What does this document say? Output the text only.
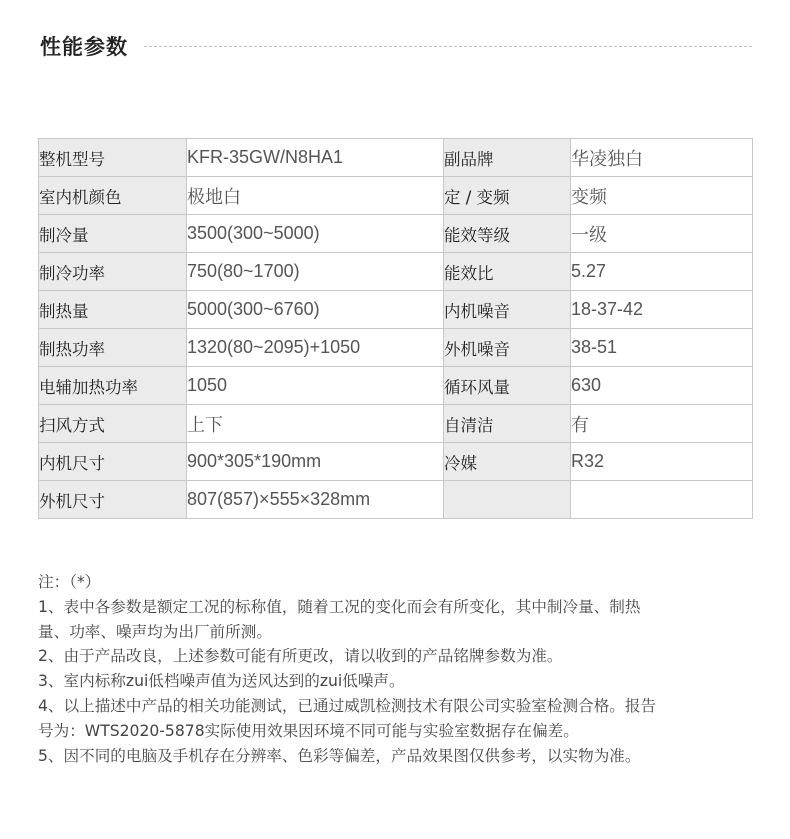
性能参数
整机型号	KFR-35GW/N8HA1	副品牌	华凌独白
室内机颜色	极地白	定 / 变频	变频
制冷量	3500(300~5000)	能效等级	一级
制冷功率	750(80~1700)	能效比	5.27
制热量	5000(300~6760)	内机噪音	18-37-42
制热功率	1320(80~2095)+1050	外机噪音	38-51
电辅加热功率	1050	循环风量	630
扫风方式	上下	自清洁	有
内机尺寸	900*305*190mm	冷媒	R32
外机尺寸	807(857)×555×328mm		

注：（*）

1、表中各参数是额定工况的标称值，随着工况的变化而会有所变化，其中制冷量、制热

量、功率、噪声均为出厂前所测。

2、由于产品改良，上述参数可能有所更改，请以收到的产品铭牌参数为准。

3、室内标称zui低档噪声值为送风达到的zui低噪声。

4、以上描述中产品的相关功能测试，已通过威凯检测技术有限公司实验室检测合格。报告

号为：WTS2020-5878实际使用效果因环境不同可能与实验室数据存在偏差。

5、因不同的电脑及手机存在分辨率、色彩等偏差，产品效果图仅供参考，以实物为准。
